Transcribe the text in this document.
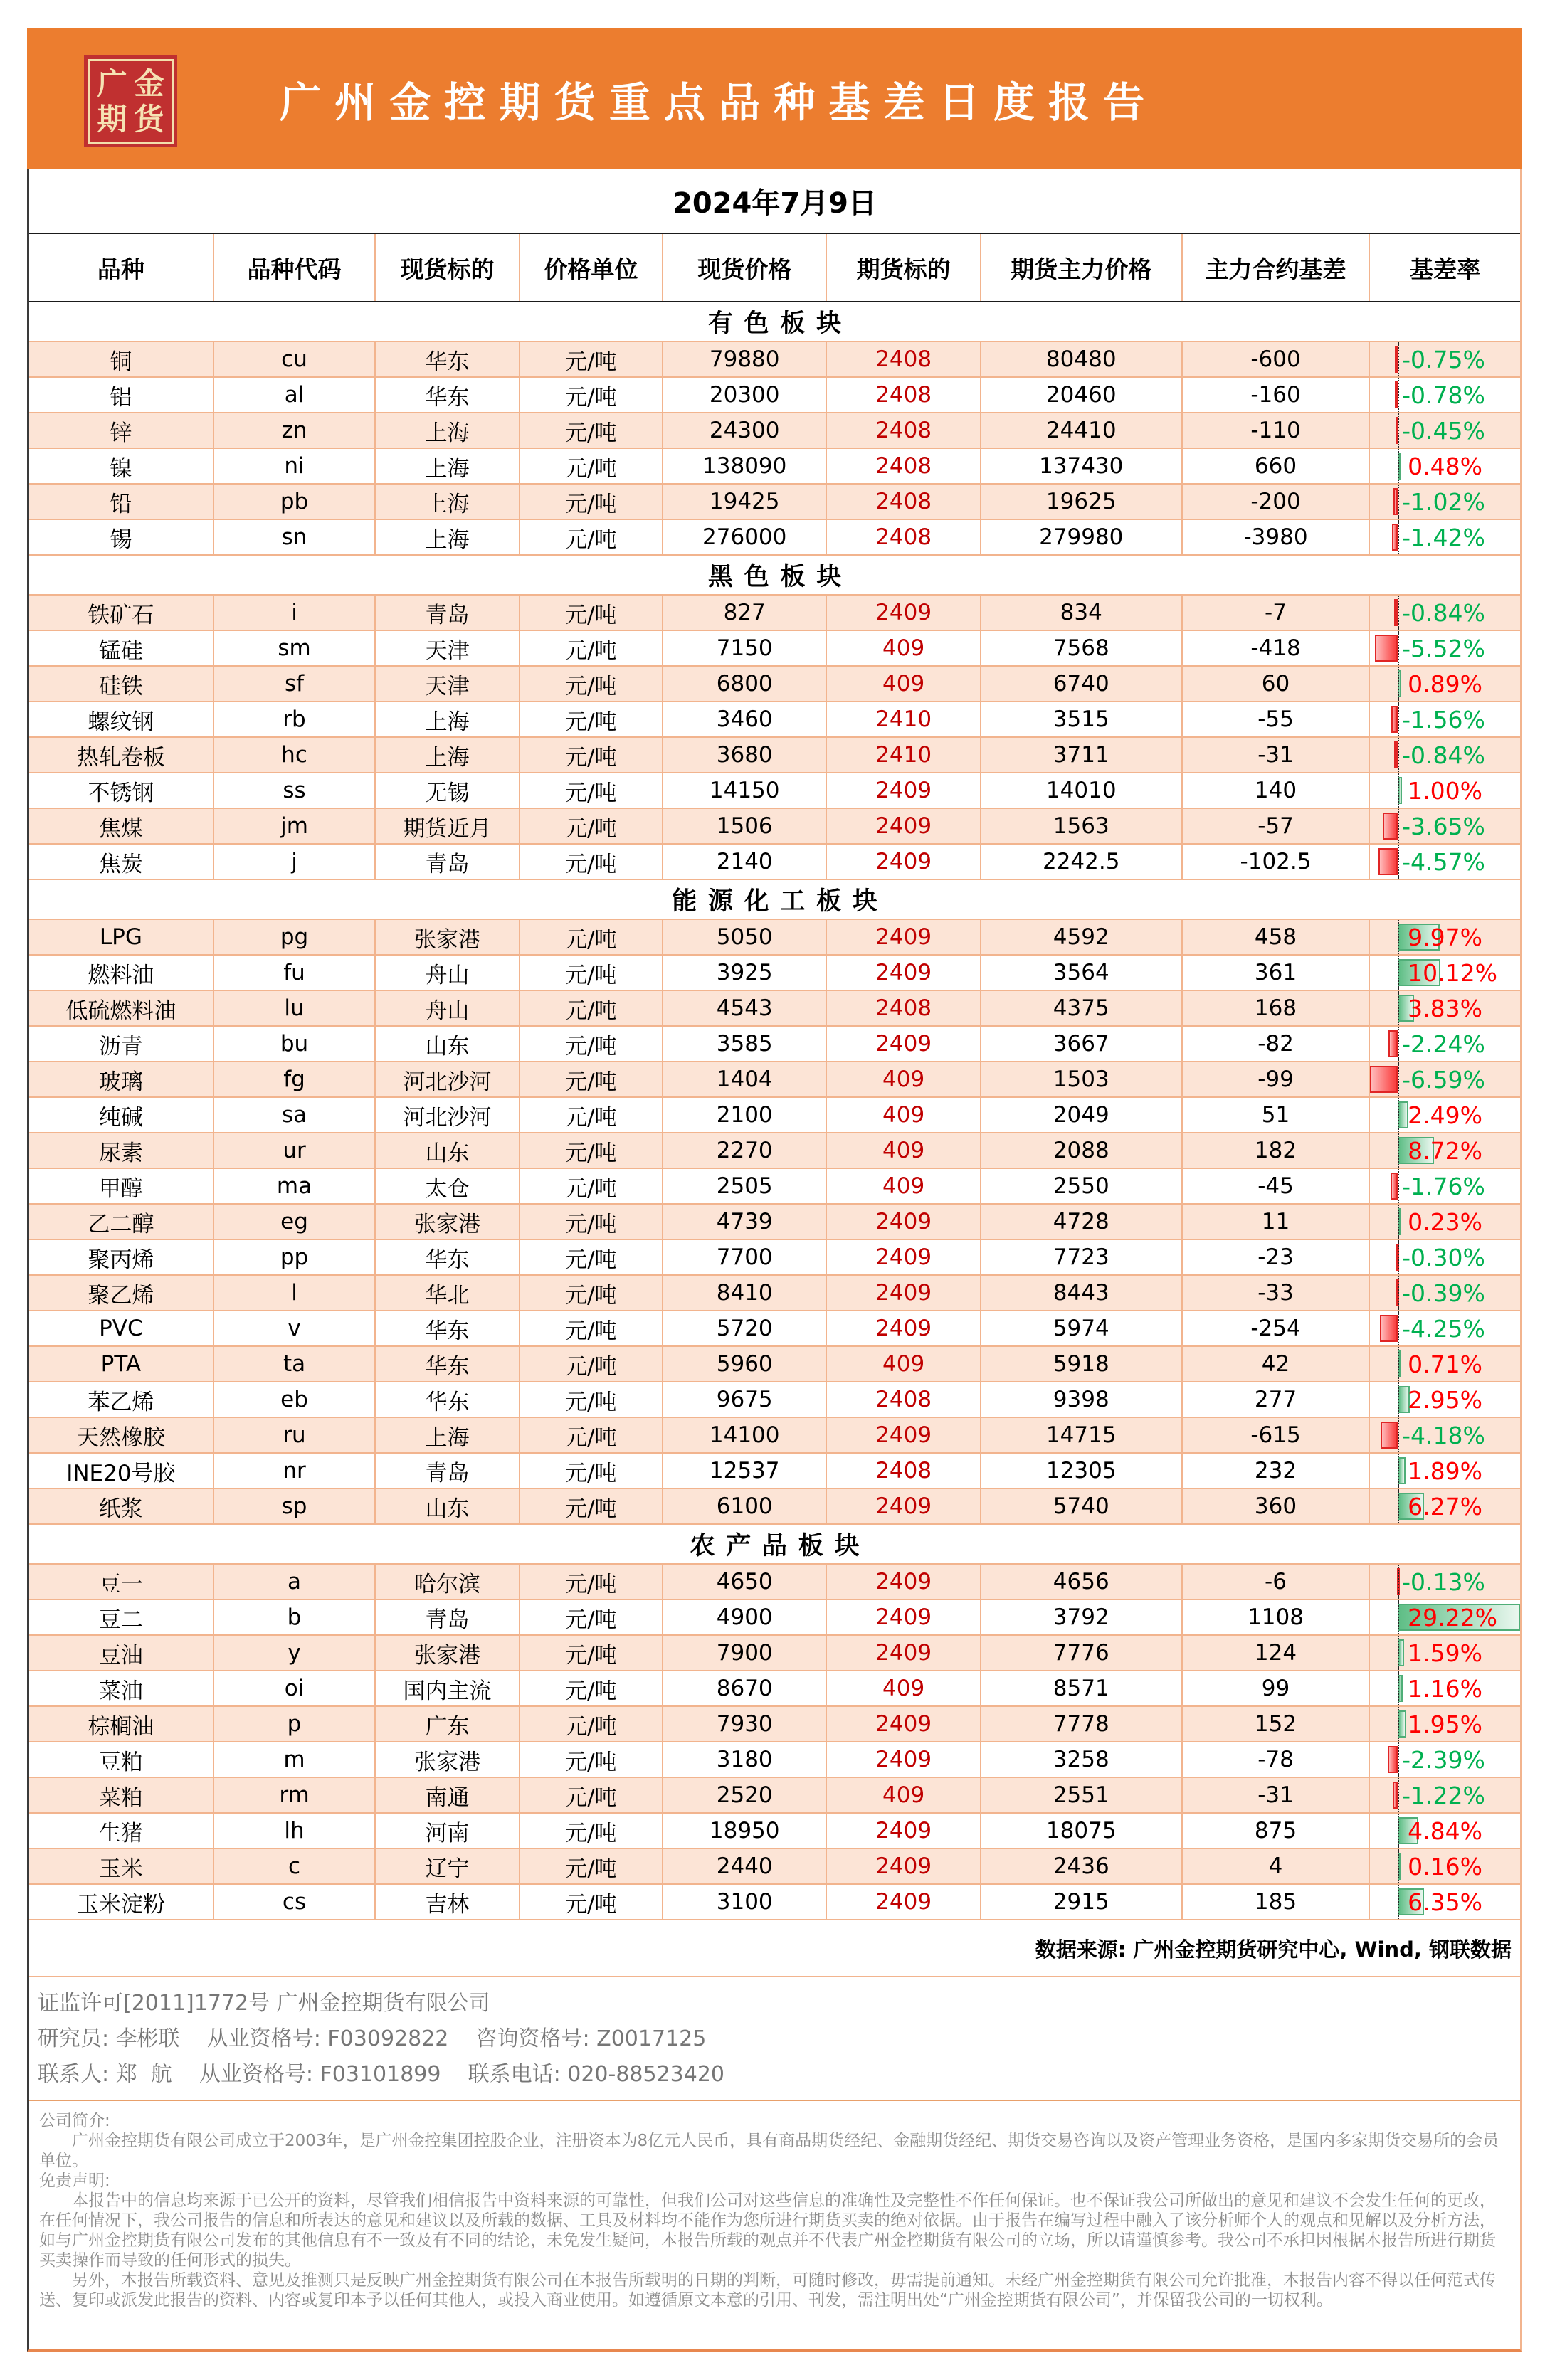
广金
期货	广州金控期货重点品种基差日度报告
2024年7月9日
品种	品种代码	现货标的	价格单位	现货价格	期货标的	期货主力价格	主力合约基差	基差率
有色板块
铜	cu	华东	元/吨	79880	2408	80480	-600	-0.75%
铝	al	华东	元/吨	20300	2408	20460	-160	-0.78%
锌	zn	上海	元/吨	24300	2408	24410	-110	-0.45%
镍	ni	上海	元/吨	138090	2408	137430	660	0.48%
铅	pb	上海	元/吨	19425	2408	19625	-200	-1.02%
锡	sn	上海	元/吨	276000	2408	279980	-3980	-1.42%
黑色板块
铁矿石	i	青岛	元/吨	827	2409	834	-7	-0.84%
锰硅	sm	天津	元/吨	7150	409	7568	-418	-5.52%
硅铁	sf	天津	元/吨	6800	409	6740	60	0.89%
螺纹钢	rb	上海	元/吨	3460	2410	3515	-55	-1.56%
热轧卷板	hc	上海	元/吨	3680	2410	3711	-31	-0.84%
不锈钢	ss	无锡	元/吨	14150	2409	14010	140	1.00%
焦煤	jm	期货近月	元/吨	1506	2409	1563	-57	-3.65%
焦炭	j	青岛	元/吨	2140	2409	2242.5	-102.5	-4.57%
能源化工板块
LPG	pg	张家港	元/吨	5050	2409	4592	458	9.97%
燃料油	fu	舟山	元/吨	3925	2409	3564	361	10.12%
低硫燃料油	lu	舟山	元/吨	4543	2408	4375	168	3.83%
沥青	bu	山东	元/吨	3585	2409	3667	-82	-2.24%
玻璃	fg	河北沙河	元/吨	1404	409	1503	-99	-6.59%
纯碱	sa	河北沙河	元/吨	2100	409	2049	51	2.49%
尿素	ur	山东	元/吨	2270	409	2088	182	8.72%
甲醇	ma	太仓	元/吨	2505	409	2550	-45	-1.76%
乙二醇	eg	张家港	元/吨	4739	2409	4728	11	0.23%
聚丙烯	pp	华东	元/吨	7700	2409	7723	-23	-0.30%
聚乙烯	l	华北	元/吨	8410	2409	8443	-33	-0.39%
PVC	v	华东	元/吨	5720	2409	5974	-254	-4.25%
PTA	ta	华东	元/吨	5960	409	5918	42	0.71%
苯乙烯	eb	华东	元/吨	9675	2408	9398	277	2.95%
天然橡胶	ru	上海	元/吨	14100	2409	14715	-615	-4.18%
INE20号胶	nr	青岛	元/吨	12537	2408	12305	232	1.89%
纸浆	sp	山东	元/吨	6100	2409	5740	360	6.27%
农产品板块
豆一	a	哈尔滨	元/吨	4650	2409	4656	-6	-0.13%
豆二	b	青岛	元/吨	4900	2409	3792	1108	29.22%
豆油	y	张家港	元/吨	7900	2409	7776	124	1.59%
菜油	oi	国内主流	元/吨	8670	409	8571	99	1.16%
棕榈油	p	广东	元/吨	7930	2409	7778	152	1.95%
豆粕	m	张家港	元/吨	3180	2409	3258	-78	-2.39%
菜粕	rm	南通	元/吨	2520	409	2551	-31	-1.22%
生猪	lh	河南	元/吨	18950	2409	18075	875	4.84%
玉米	c	辽宁	元/吨	2440	2409	2436	4	0.16%
玉米淀粉	cs	吉林	元/吨	3100	2409	2915	185	6.35%
数据来源: 广州金控期货研究中心, Wind, 钢联数据
证监许可[2011]1772号 广州金控期货有限公司
研究员: 李彬联    从业资格号: F03092822    咨询资格号: Z0017125
联系人: 郑  航    从业资格号: F03101899    联系电话: 020-88523420
公司简介:

广州金控期货有限公司成立于2003年，是广州金控集团控股企业，注册资本为8亿元人民币，具有商品期货经纪、金融期货经纪、期货交易咨询以及资产管理业务资格，是国内多家期货交易所的会员单位。

免责声明:

本报告中的信息均来源于已公开的资料，尽管我们相信报告中资料来源的可靠性，但我们公司对这些信息的准确性及完整性不作任何保证。也不保证我公司所做出的意见和建议不会发生任何的更改，在任何情况下，我公司报告的信息和所表达的意见和建议以及所载的数据、工具及材料均不能作为您所进行期货买卖的绝对依据。由于报告在编写过程中融入了该分析师个人的观点和见解以及分析方法，如与广州金控期货有限公司发布的其他信息有不一致及有不同的结论，未免发生疑问，本报告所载的观点并不代表广州金控期货有限公司的立场，所以请谨慎参考。我公司不承担因根据本报告所进行期货买卖操作而导致的任何形式的损失。

另外，本报告所载资料、意见及推测只是反映广州金控期货有限公司在本报告所载明的日期的判断，可随时修改，毋需提前通知。未经广州金控期货有限公司允许批准，本报告内容不得以任何范式传送、复印或派发此报告的资料、内容或复印本予以任何其他人，或投入商业使用。如遵循原文本意的引用、刊发，需注明出处“广州金控期货有限公司”，并保留我公司的一切权利。
